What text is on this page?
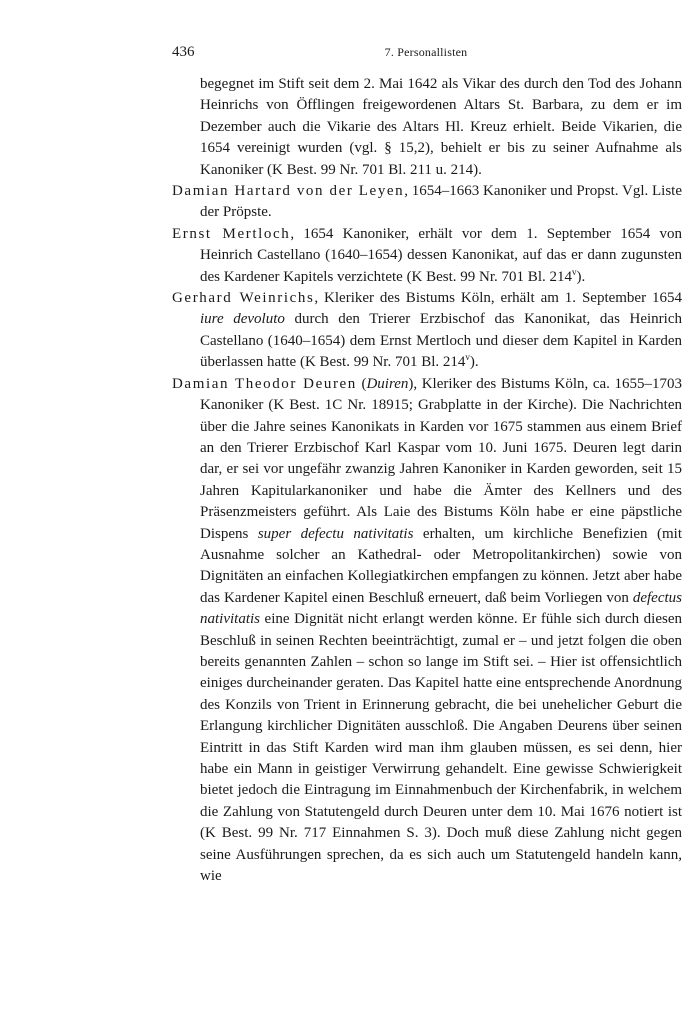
436	7. Personallisten

begegnet im Stift seit dem 2. Mai 1642 als Vikar des durch den Tod des Johann Heinrichs von Öfflingen freigewordenen Altars St. Barbara, zu dem er im Dezember auch die Vikarie des Altars Hl. Kreuz erhielt. Beide Vikarien, die 1654 vereinigt wurden (vgl. § 15,2), behielt er bis zu seiner Aufnahme als Kanoniker (K Best. 99 Nr. 701 Bl. 211 u. 214).

Damian Hartard von der Leyen, 1654–1663 Kanoniker und Propst. Vgl. Liste der Pröpste.

Ernst Mertloch, 1654 Kanoniker, erhält vor dem 1. September 1654 von Heinrich Castellano (1640–1654) dessen Kanonikat, auf das er dann zugunsten des Kardener Kapitels verzichtete (K Best. 99 Nr. 701 Bl. 214$^v$).

Gerhard Weinrichs, Kleriker des Bistums Köln, erhält am 1. September 1654 iure devoluto durch den Trierer Erzbischof das Kanonikat, das Heinrich Castellano (1640–1654) dem Ernst Mertloch und dieser dem Kapitel in Karden überlassen hatte (K Best. 99 Nr. 701 Bl. 214$^v$).

Damian Theodor Deuren (Duiren), Kleriker des Bistums Köln, ca. 1655–1703 Kanoniker (K Best. 1C Nr. 18915; Grabplatte in der Kirche). Die Nachrichten über die Jahre seines Kanonikats in Karden vor 1675 stammen aus einem Brief an den Trierer Erzbischof Karl Kaspar vom 10. Juni 1675. Deuren legt darin dar, er sei vor ungefähr zwanzig Jahren Kanoniker in Karden geworden, seit 15 Jahren Kapitularkanoniker und habe die Ämter des Kellners und des Präsenzmeisters geführt. Als Laie des Bistums Köln habe er eine päpstliche Dispens super defectu nativitatis erhalten, um kirchliche Benefizien (mit Ausnahme solcher an Kathedral- oder Metropolitankirchen) sowie von Dignitäten an einfachen Kollegiatkirchen empfangen zu können. Jetzt aber habe das Kardener Kapitel einen Beschluß erneuert, daß beim Vorliegen von defectus nativitatis eine Dignität nicht erlangt werden könne. Er fühle sich durch diesen Beschluß in seinen Rechten beeinträchtigt, zumal er – und jetzt folgen die oben bereits genannten Zahlen – schon so lange im Stift sei. – Hier ist offensichtlich einiges durcheinander geraten. Das Kapitel hatte eine entsprechende Anordnung des Konzils von Trient in Erinnerung gebracht, die bei unehelicher Geburt die Erlangung kirchlicher Dignitäten ausschloß. Die Angaben Deurens über seinen Eintritt in das Stift Karden wird man ihm glauben müssen, es sei denn, hier habe ein Mann in geistiger Verwirrung gehandelt. Eine gewisse Schwierigkeit bietet jedoch die Eintragung im Einnahmenbuch der Kirchenfabrik, in welchem die Zahlung von Statutengeld durch Deuren unter dem 10. Mai 1676 notiert ist (K Best. 99 Nr. 717 Einnahmen S. 3). Doch muß diese Zahlung nicht gegen seine Ausführungen sprechen, da es sich auch um Statutengeld handeln kann, wie
